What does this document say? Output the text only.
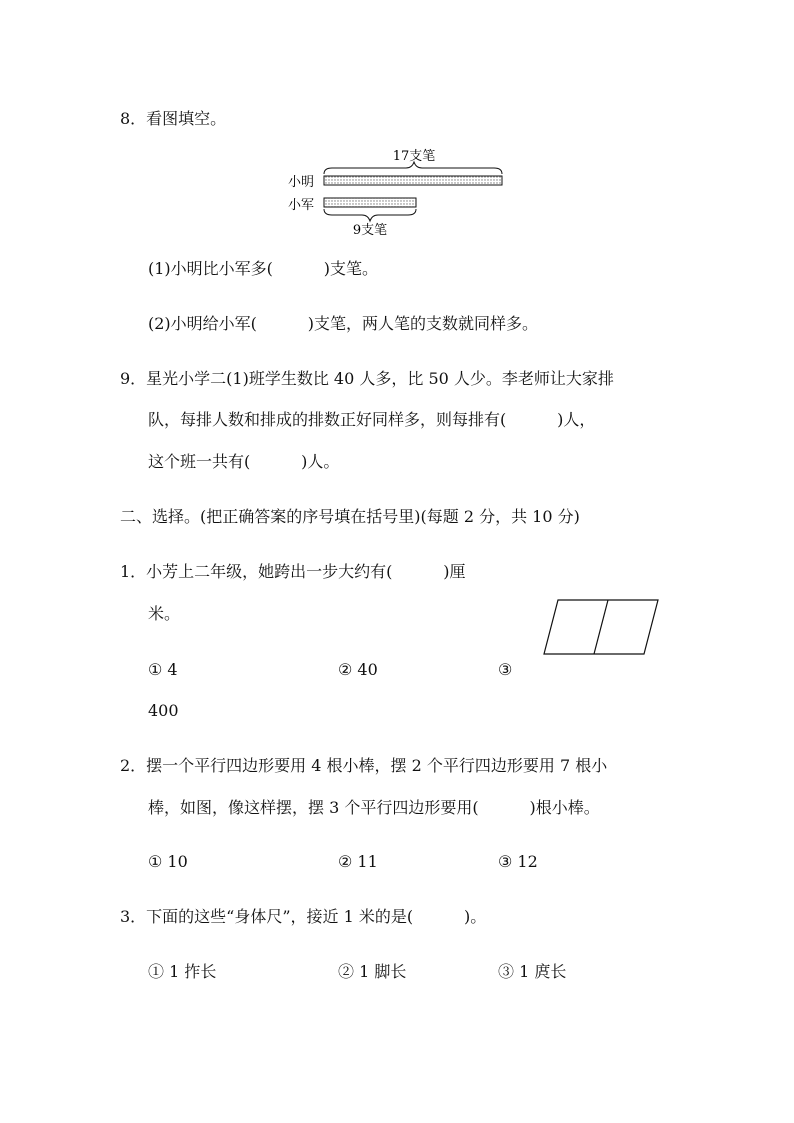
8．看图填空。
17支笔
小明
小军
9支笔
(1)小明比小军多(          )支笔。
(2)小明给小军(          )支笔，两人笔的支数就同样多。
9．星光小学二(1)班学生数比 40 人多，比 50 人少。李老师让大家排
队，每排人数和排成的排数正好同样多，则每排有(          )人，
这个班一共有(          )人。
二、选择。(把正确答案的序号填在括号里)(每题 2 分，共 10 分)
1．小芳上二年级，她跨出一步大约有(          )厘
米。
① 4	② 40	③
400
2．摆一个平行四边形要用 4 根小棒，摆 2 个平行四边形要用 7 根小
棒，如图，像这样摆，摆 3 个平行四边形要用(          )根小棒。
① 10	② 11	③ 12
3．下面的这些“身体尺”，接近 1 米的是(          )。
① 1 拃长	② 1 脚长	③ 1 庹长
